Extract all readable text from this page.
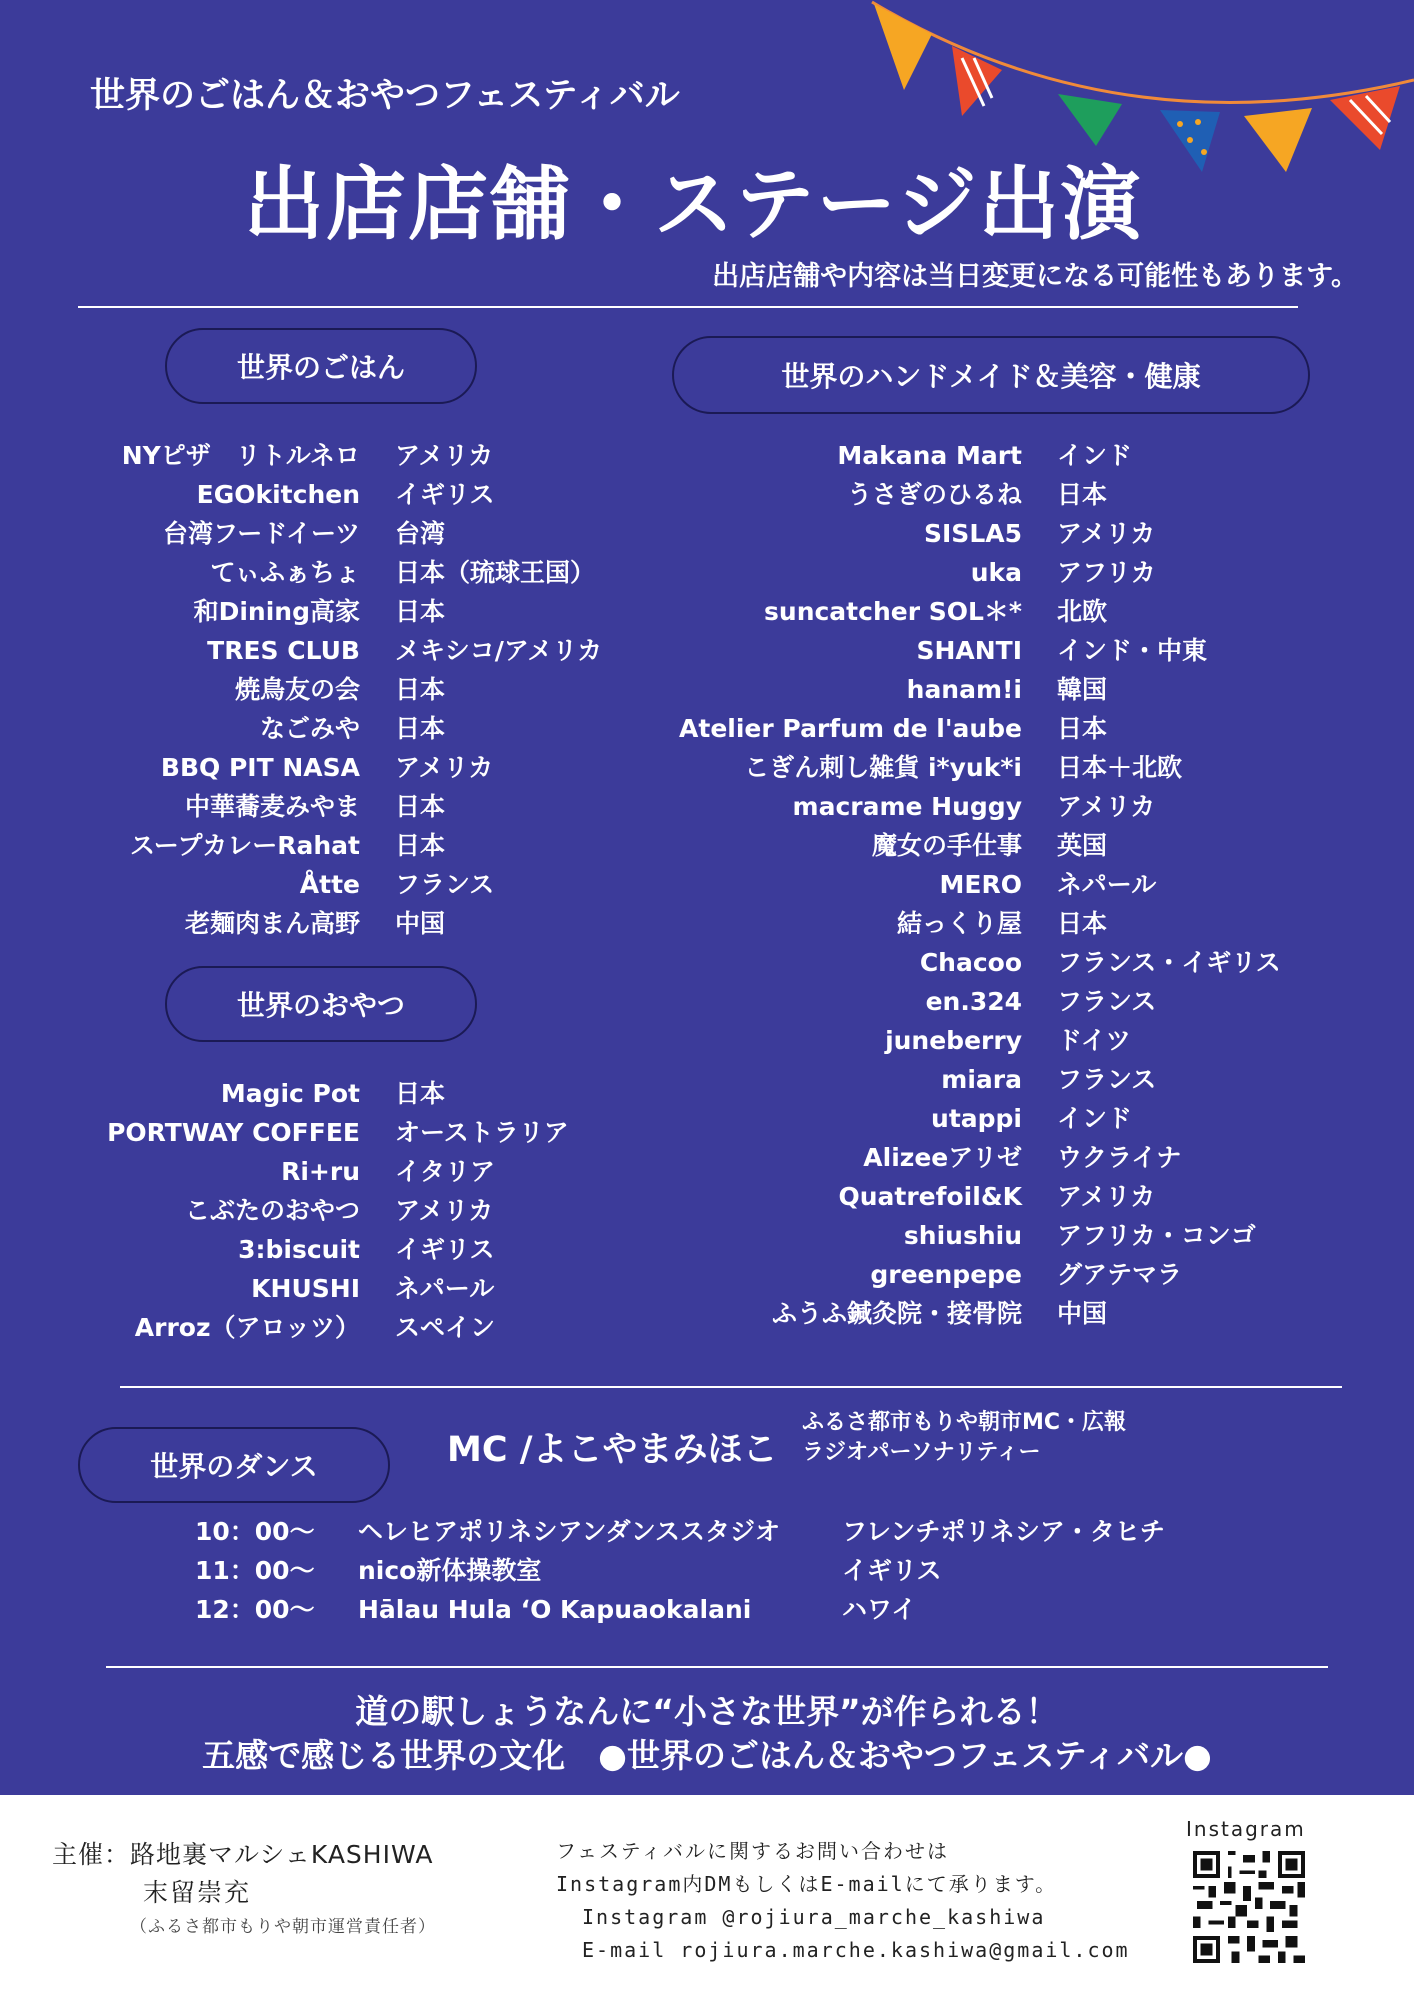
世界のごはん＆おやつフェスティバル
出店店舗・ステージ出演
出店店舗や内容は当日変更になる可能性もあります。
世界のごはん
NYピザ　リトルネロ	アメリカ
EGOkitchen	イギリス
台湾フードイーツ	台湾
てぃふぁちょ	日本（琉球王国）
和Dining高家	日本
TRES CLUB	メキシコ/アメリカ
焼鳥友の会	日本
なごみや	日本
BBQ PIT NASA	アメリカ
中華蕎麦みやま	日本
スープカレーRahat	日本
Åtte	フランス
老麺肉まん高野	中国
世界のおやつ
Magic Pot	日本
PORTWAY COFFEE	オーストラリア
Ri+ru	イタリア
こぶたのおやつ	アメリカ
3:biscuit	イギリス
KHUSHI	ネパール
Arroz（アロッツ）	スペイン
世界のハンドメイド＆美容・健康
Makana Mart	インド
うさぎのひるね	日本
SISLA5	アメリカ
uka	アフリカ
suncatcher SOL＊*	北欧
SHANTI	インド・中東
hanam!i	韓国
Atelier Parfum de l'aube	日本
こぎん刺し雑貨 i*yuk*i	日本＋北欧
macrame Huggy	アメリカ
魔女の手仕事	英国
MERO	ネパール
結っくり屋	日本
Chacoo	フランス・イギリス
en.324	フランス
juneberry	ドイツ
miara	フランス
utappi	インド
Alizeeアリゼ	ウクライナ
Quatrefoil&K	アメリカ
shiushiu	アフリカ・コンゴ
greenpepe	グアテマラ
ふうふ鍼灸院・接骨院	中国
世界のダンス	MC /よこやまみほこ
ふるさ都市もりや朝市MC・広報
ラジオパーソナリティー
10：00～	ヘレヒアポリネシアンダンススタジオ	フレンチポリネシア・タヒチ
11：00～	nico新体操教室	イギリス
12：00～	Hālau Hula ʻO Kapuaokalani	ハワイ
道の駅しょうなんに“小さな世界”が作られる！
五感で感じる世界の文化　●世界のごはん＆おやつフェスティバル●
主催：路地裏マルシェKASHIWA
末留崇充
（ふるさ都市もりや朝市運営責任者）
フェスティバルに関するお問い合わせは
Instagram内DMもしくはE-mailにて承ります。
Instagram @rojiura_marche_kashiwa
E-mail rojiura.marche.kashiwa@gmail.com
Instagram
